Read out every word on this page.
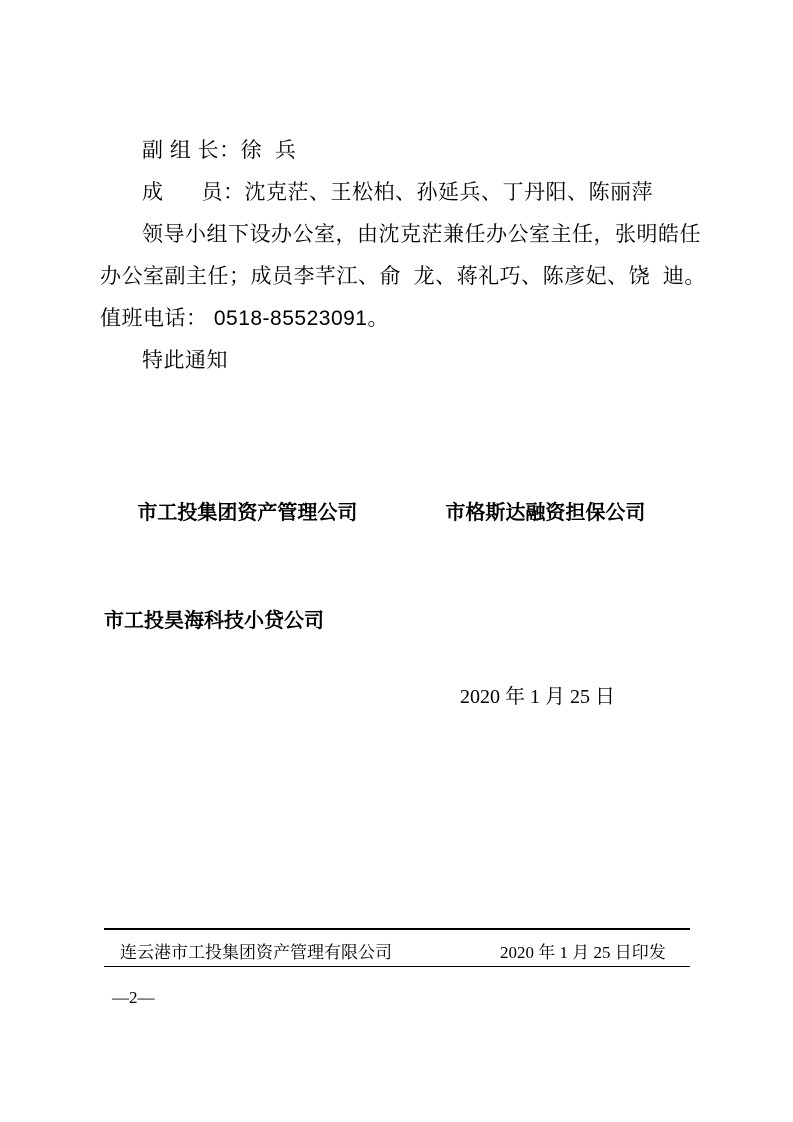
副 组 长：徐  兵
成      员：沈克茫、王松柏、孙延兵、丁丹阳、陈丽萍
领导小组下设办公室，由沈克茫兼任办公室主任，张明皓任
办公室副主任；成员李芊江、俞  龙、蒋礼巧、陈彦妃、饶  迪。
值班电话： 0518-85523091。
特此通知

市工投集团资产管理公司	市格斯达融资担保公司

市工投昊海科技小贷公司
2020 年 1 月 25 日

连云港市工投集团资产管理有限公司

	2020 年 1 月 25 日印发

—2—
